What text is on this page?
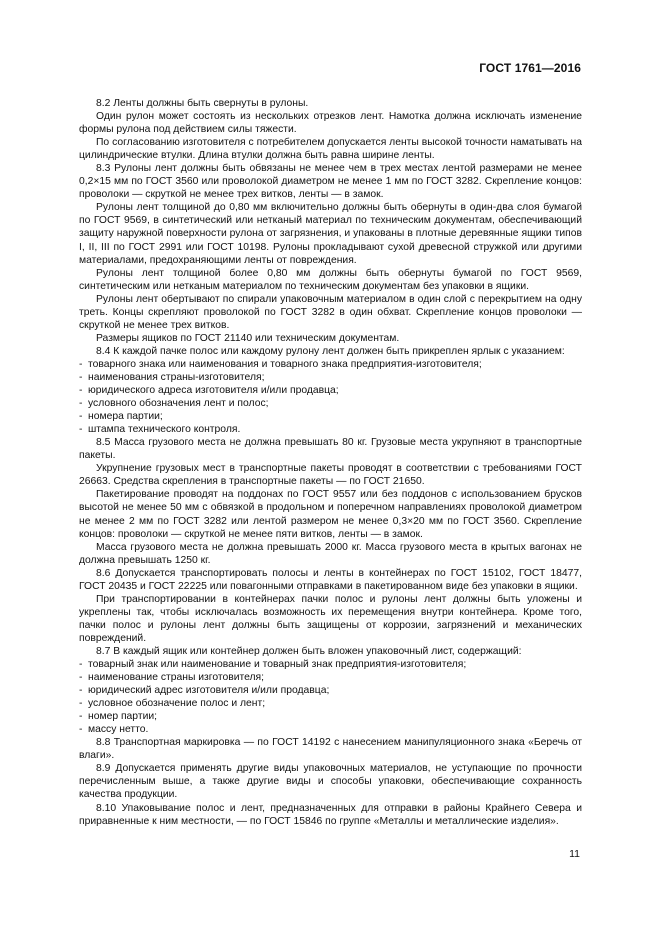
ГОСТ 1761—2016

8.2 Ленты должны быть свернуты в рулоны.

Один рулон может состоять из нескольких отрезков лент. Намотка должна исключать изменение формы рулона под действием силы тяжести.

По согласованию изготовителя с потребителем допускается ленты высокой точности наматывать на цилиндрические втулки. Длина втулки должна быть равна ширине ленты.

8.3 Рулоны лент должны быть обвязаны не менее чем в трех местах лентой размерами не менее 0,2×15 мм по ГОСТ 3560 или проволокой диаметром не менее 1 мм по ГОСТ 3282. Скрепление концов: проволоки — скруткой не менее трех витков, ленты — в замок.

Рулоны лент толщиной до 0,80 мм включительно должны быть обернуты в один-два слоя бумагой по ГОСТ 9569, в синтетический или нетканый материал по техническим документам, обеспечивающий защиту наружной поверхности рулона от загрязнения, и упакованы в плотные деревянные ящики типов I, II, III по ГОСТ 2991 или ГОСТ 10198. Рулоны прокладывают сухой древесной стружкой или другими материалами, предохраняющими ленты от повреждения.

Рулоны лент толщиной более 0,80 мм должны быть обернуты бумагой по ГОСТ 9569, синтетическим или нетканым материалом по техническим документам без упаковки в ящики.

Рулоны лент обертывают по спирали упаковочным материалом в один слой с перекрытием на одну треть. Концы скрепляют проволокой по ГОСТ 3282 в один обхват. Скрепление концов проволоки — скруткой не менее трех витков.

Размеры ящиков по ГОСТ 21140 или техническим документам.

8.4 К каждой пачке полос или каждому рулону лент должен быть прикреплен ярлык с указанием:

- товарного знака или наименования и товарного знака предприятия-изготовителя;
- наименования страны-изготовителя;
- юридического адреса изготовителя и/или продавца;
- условного обозначения лент и полос;
- номера партии;
- штампа технического контроля.

8.5 Масса грузового места не должна превышать 80 кг. Грузовые места укрупняют в транспортные пакеты.

Укрупнение грузовых мест в транспортные пакеты проводят в соответствии с требованиями ГОСТ 26663. Средства скрепления в транспортные пакеты — по ГОСТ 21650.

Пакетирование проводят на поддонах по ГОСТ 9557 или без поддонов с использованием брусков высотой не менее 50 мм с обвязкой в продольном и поперечном направлениях проволокой диаметром не менее 2 мм по ГОСТ 3282 или лентой размером не менее 0,3×20 мм по ГОСТ 3560. Скрепление концов: проволоки — скруткой не менее пяти витков, ленты — в замок.

Масса грузового места не должна превышать 2000 кг. Масса грузового места в крытых вагонах не должна превышать 1250 кг.

8.6 Допускается транспортировать полосы и ленты в контейнерах по ГОСТ 15102, ГОСТ 18477, ГОСТ 20435 и ГОСТ 22225 или повагонными отправками в пакетированном виде без упаковки в ящики.

При транспортировании в контейнерах пачки полос и рулоны лент должны быть уложены и укреплены так, чтобы исключалась возможность их перемещения внутри контейнера. Кроме того, пачки полос и рулоны лент должны быть защищены от коррозии, загрязнений и механических повреждений.

8.7 В каждый ящик или контейнер должен быть вложен упаковочный лист, содержащий:

- товарный знак или наименование и товарный знак предприятия-изготовителя;
- наименование страны изготовителя;
- юридический адрес изготовителя и/или продавца;
- условное обозначение полос и лент;
- номер партии;
- массу нетто.

8.8 Транспортная маркировка — по ГОСТ 14192 с нанесением манипуляционного знака «Беречь от влаги».

8.9 Допускается применять другие виды упаковочных материалов, не уступающие по прочности перечисленным выше, а также другие виды и способы упаковки, обеспечивающие сохранность качества продукции.

8.10 Упаковывание полос и лент, предназначенных для отправки в районы Крайнего Севера и приравненные к ним местности, — по ГОСТ 15846 по группе «Металлы и металлические изделия».

11
